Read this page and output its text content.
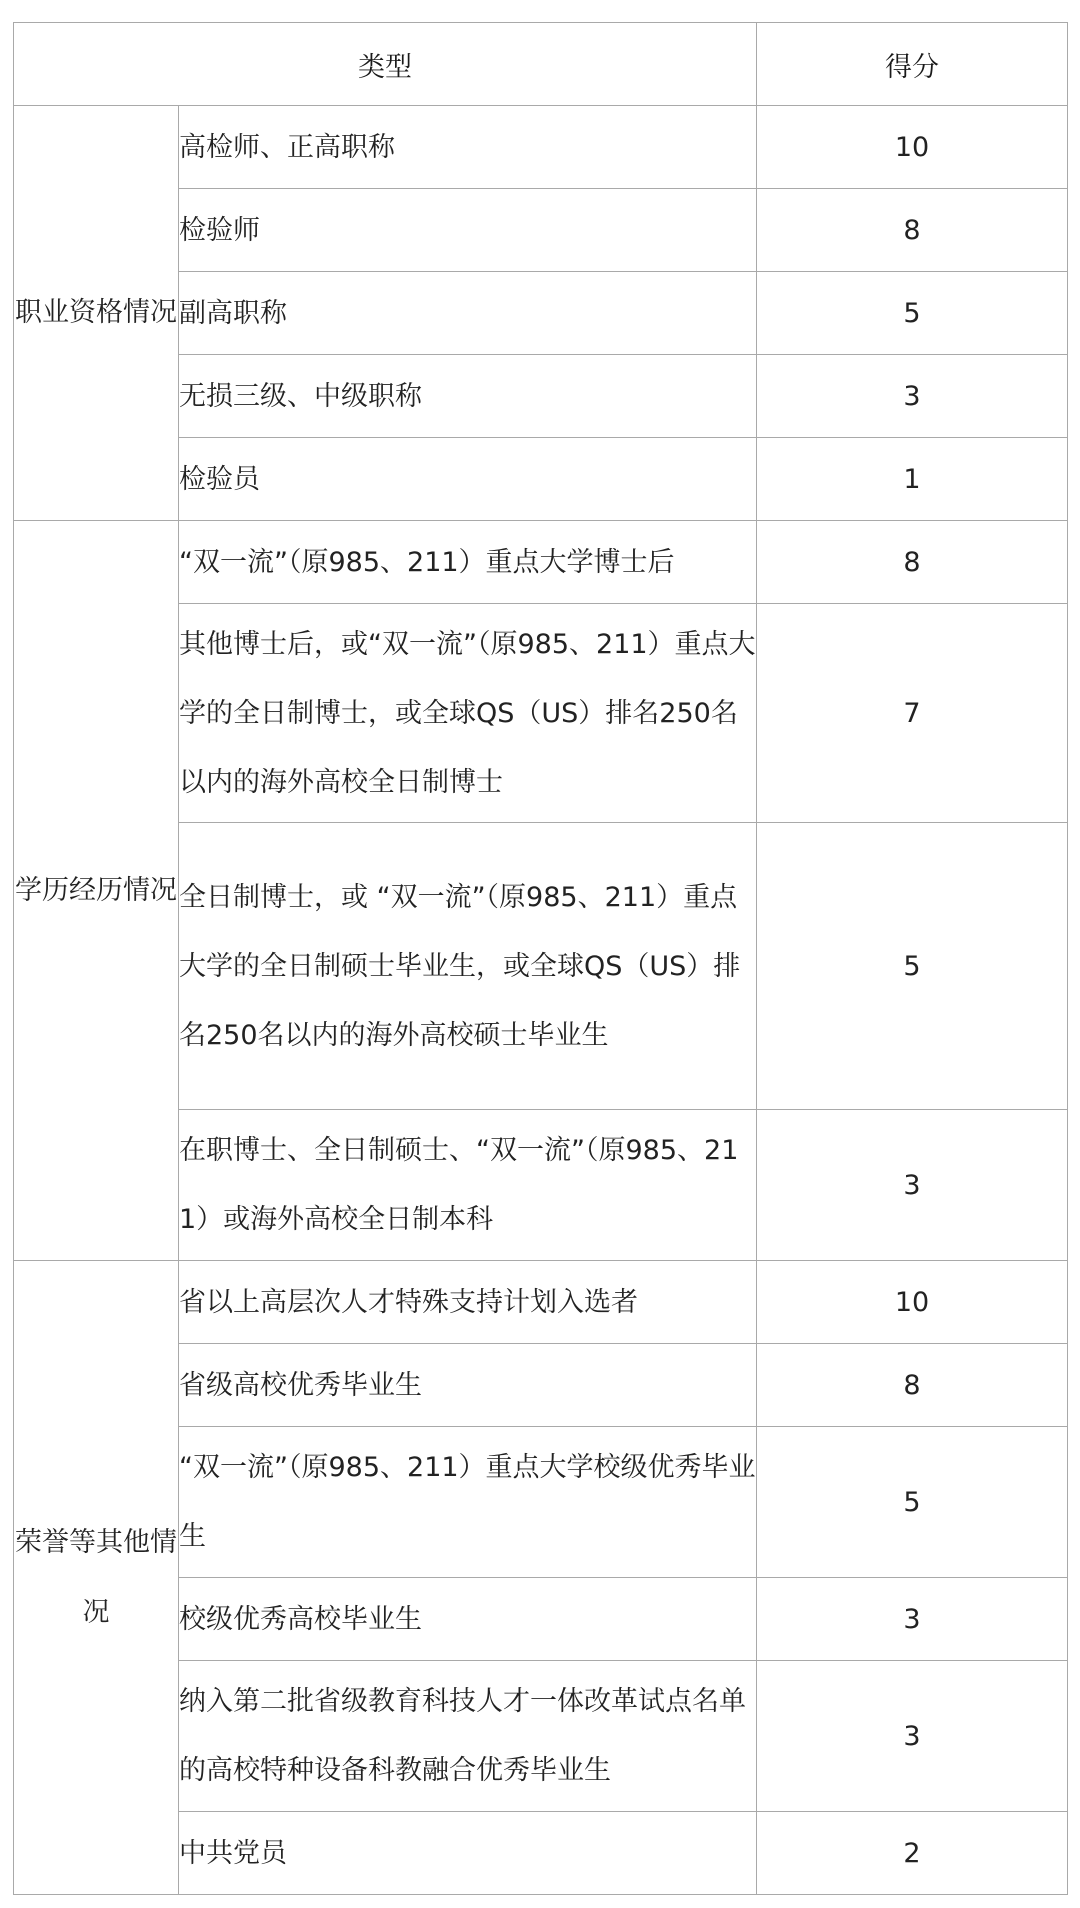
类型		得分
职业资格情况	高检师、正高职称	10
	检验师	8
	副高职称	5
	无损三级、中级职称	3
	检验员	1
学历经历情况	“双一流”（原985、211）重点大学博士后	8
	其他博士后，或“双一流”（原985、211）重点大学的全日制博士，或全球QS（US）排名250名以内的海外高校全日制博士	7
	全日制博士，或 “双一流”（原985、211）重点大学的全日制硕士毕业生，或全球QS（US）排名250名以内的海外高校硕士毕业生	5
	在职博士、全日制硕士、“双一流”（原985、211）或海外高校全日制本科	3
荣誉等其他情况	省以上高层次人才特殊支持计划入选者	10
	省级高校优秀毕业生	8
	“双一流”（原985、211）重点大学校级优秀毕业生	5
	校级优秀高校毕业生	3
	纳入第二批省级教育科技人才一体改革试点名单的高校特种设备科教融合优秀毕业生	3
	中共党员	2
